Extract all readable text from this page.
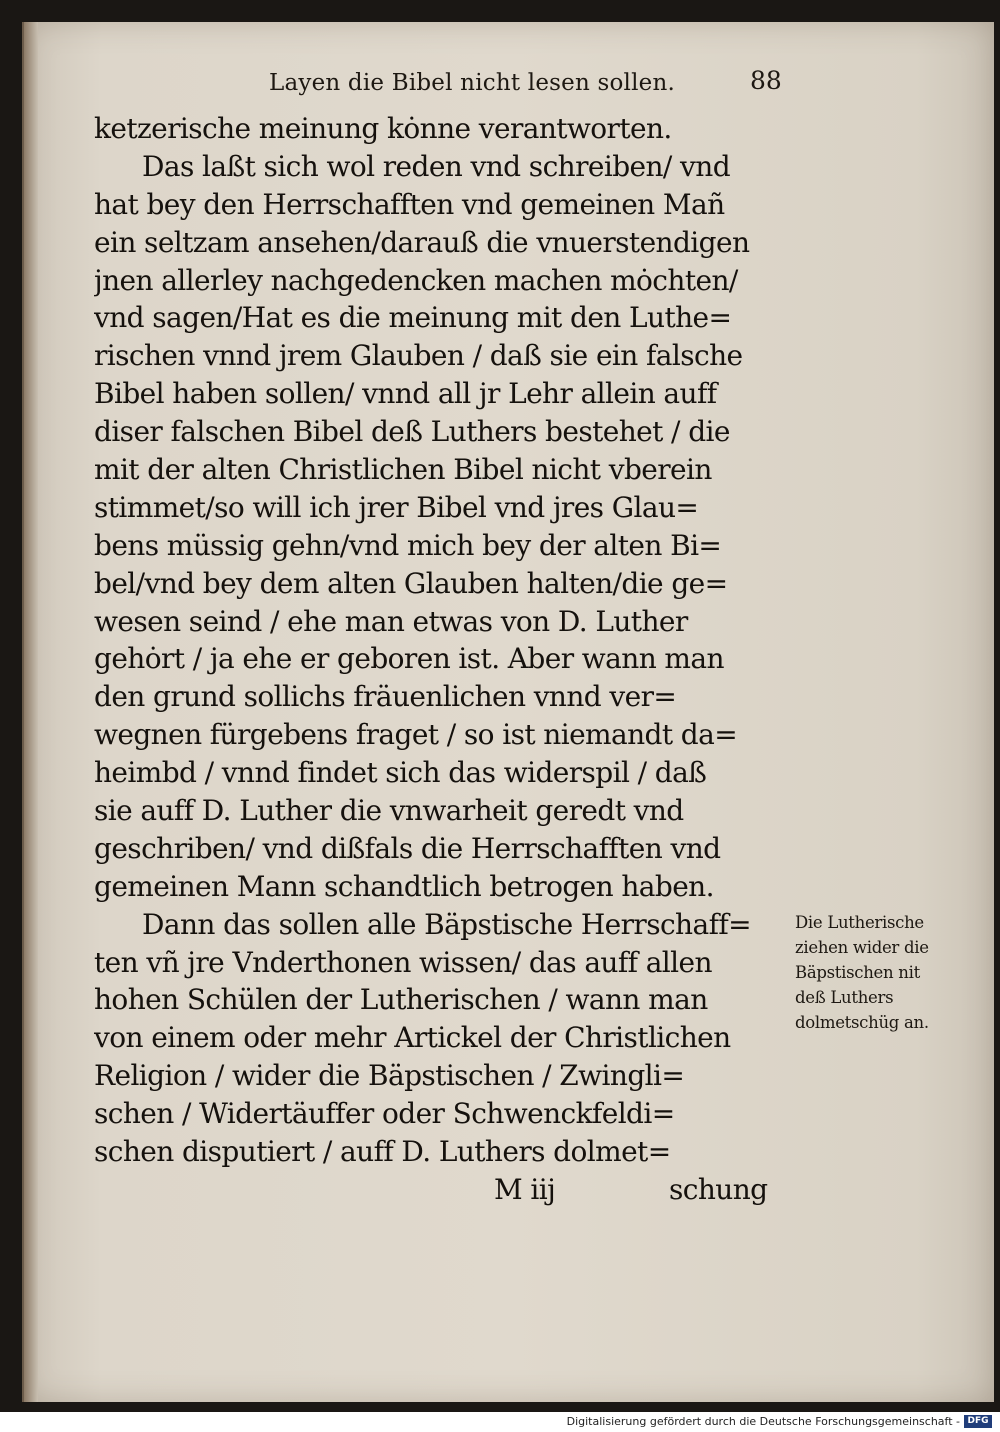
Layen die Bibel nicht lesen sollen.	88
ketzerische meinung kȯnne verantworten.
Das laßt sich wol reden vnd schreiben/ vnd
hat bey den Herrschafften vnd gemeinen Mañ
ein seltzam ansehen/darauß die vnuerstendigen
jnen allerley nachgedencken machen mȯchten/
vnd sagen/Hat es die meinung mit den Luthe=
rischen vnnd jrem Glauben / daß sie ein falsche
Bibel haben sollen/ vnnd all jr Lehr allein auff
diser falschen Bibel deß Luthers bestehet / die
mit der alten Christlichen Bibel nicht vberein
stimmet/so will ich jrer Bibel vnd jres Glau=
bens müssig gehn/vnd mich bey der alten Bi=
bel/vnd bey dem alten Glauben halten/die ge=
wesen seind / ehe man etwas von D. Luther
gehȯrt / ja ehe er geboren ist. Aber wann man
den grund sollichs fräuenlichen vnnd ver=
wegnen fürgebens fraget / so ist niemandt da=
heimbd / vnnd findet sich das widerspil / daß
sie auff D. Luther die vnwarheit geredt vnd
geschriben/ vnd dißfals die Herrschafften vnd
gemeinen Mann schandtlich betrogen haben.
Dann das sollen alle Bäpstische Herrschaff=
ten vñ jre Vnderthonen wissen/ das auff allen
hohen Schülen der Lutherischen / wann man
von einem oder mehr Artickel der Christlichen
Religion / wider die Bäpstischen / Zwingli=
schen / Widertäuffer oder Schwenckfeldi=
schen disputiert / auff D. Luthers dolmet=
M iij	schung
Die Lutherische
ziehen wider die
Bäpstischen nit
deß Luthers
dolmetschüg an.
Digitalisierung gefördert durch die Deutsche Forschungsgemeinschaft - DFG
